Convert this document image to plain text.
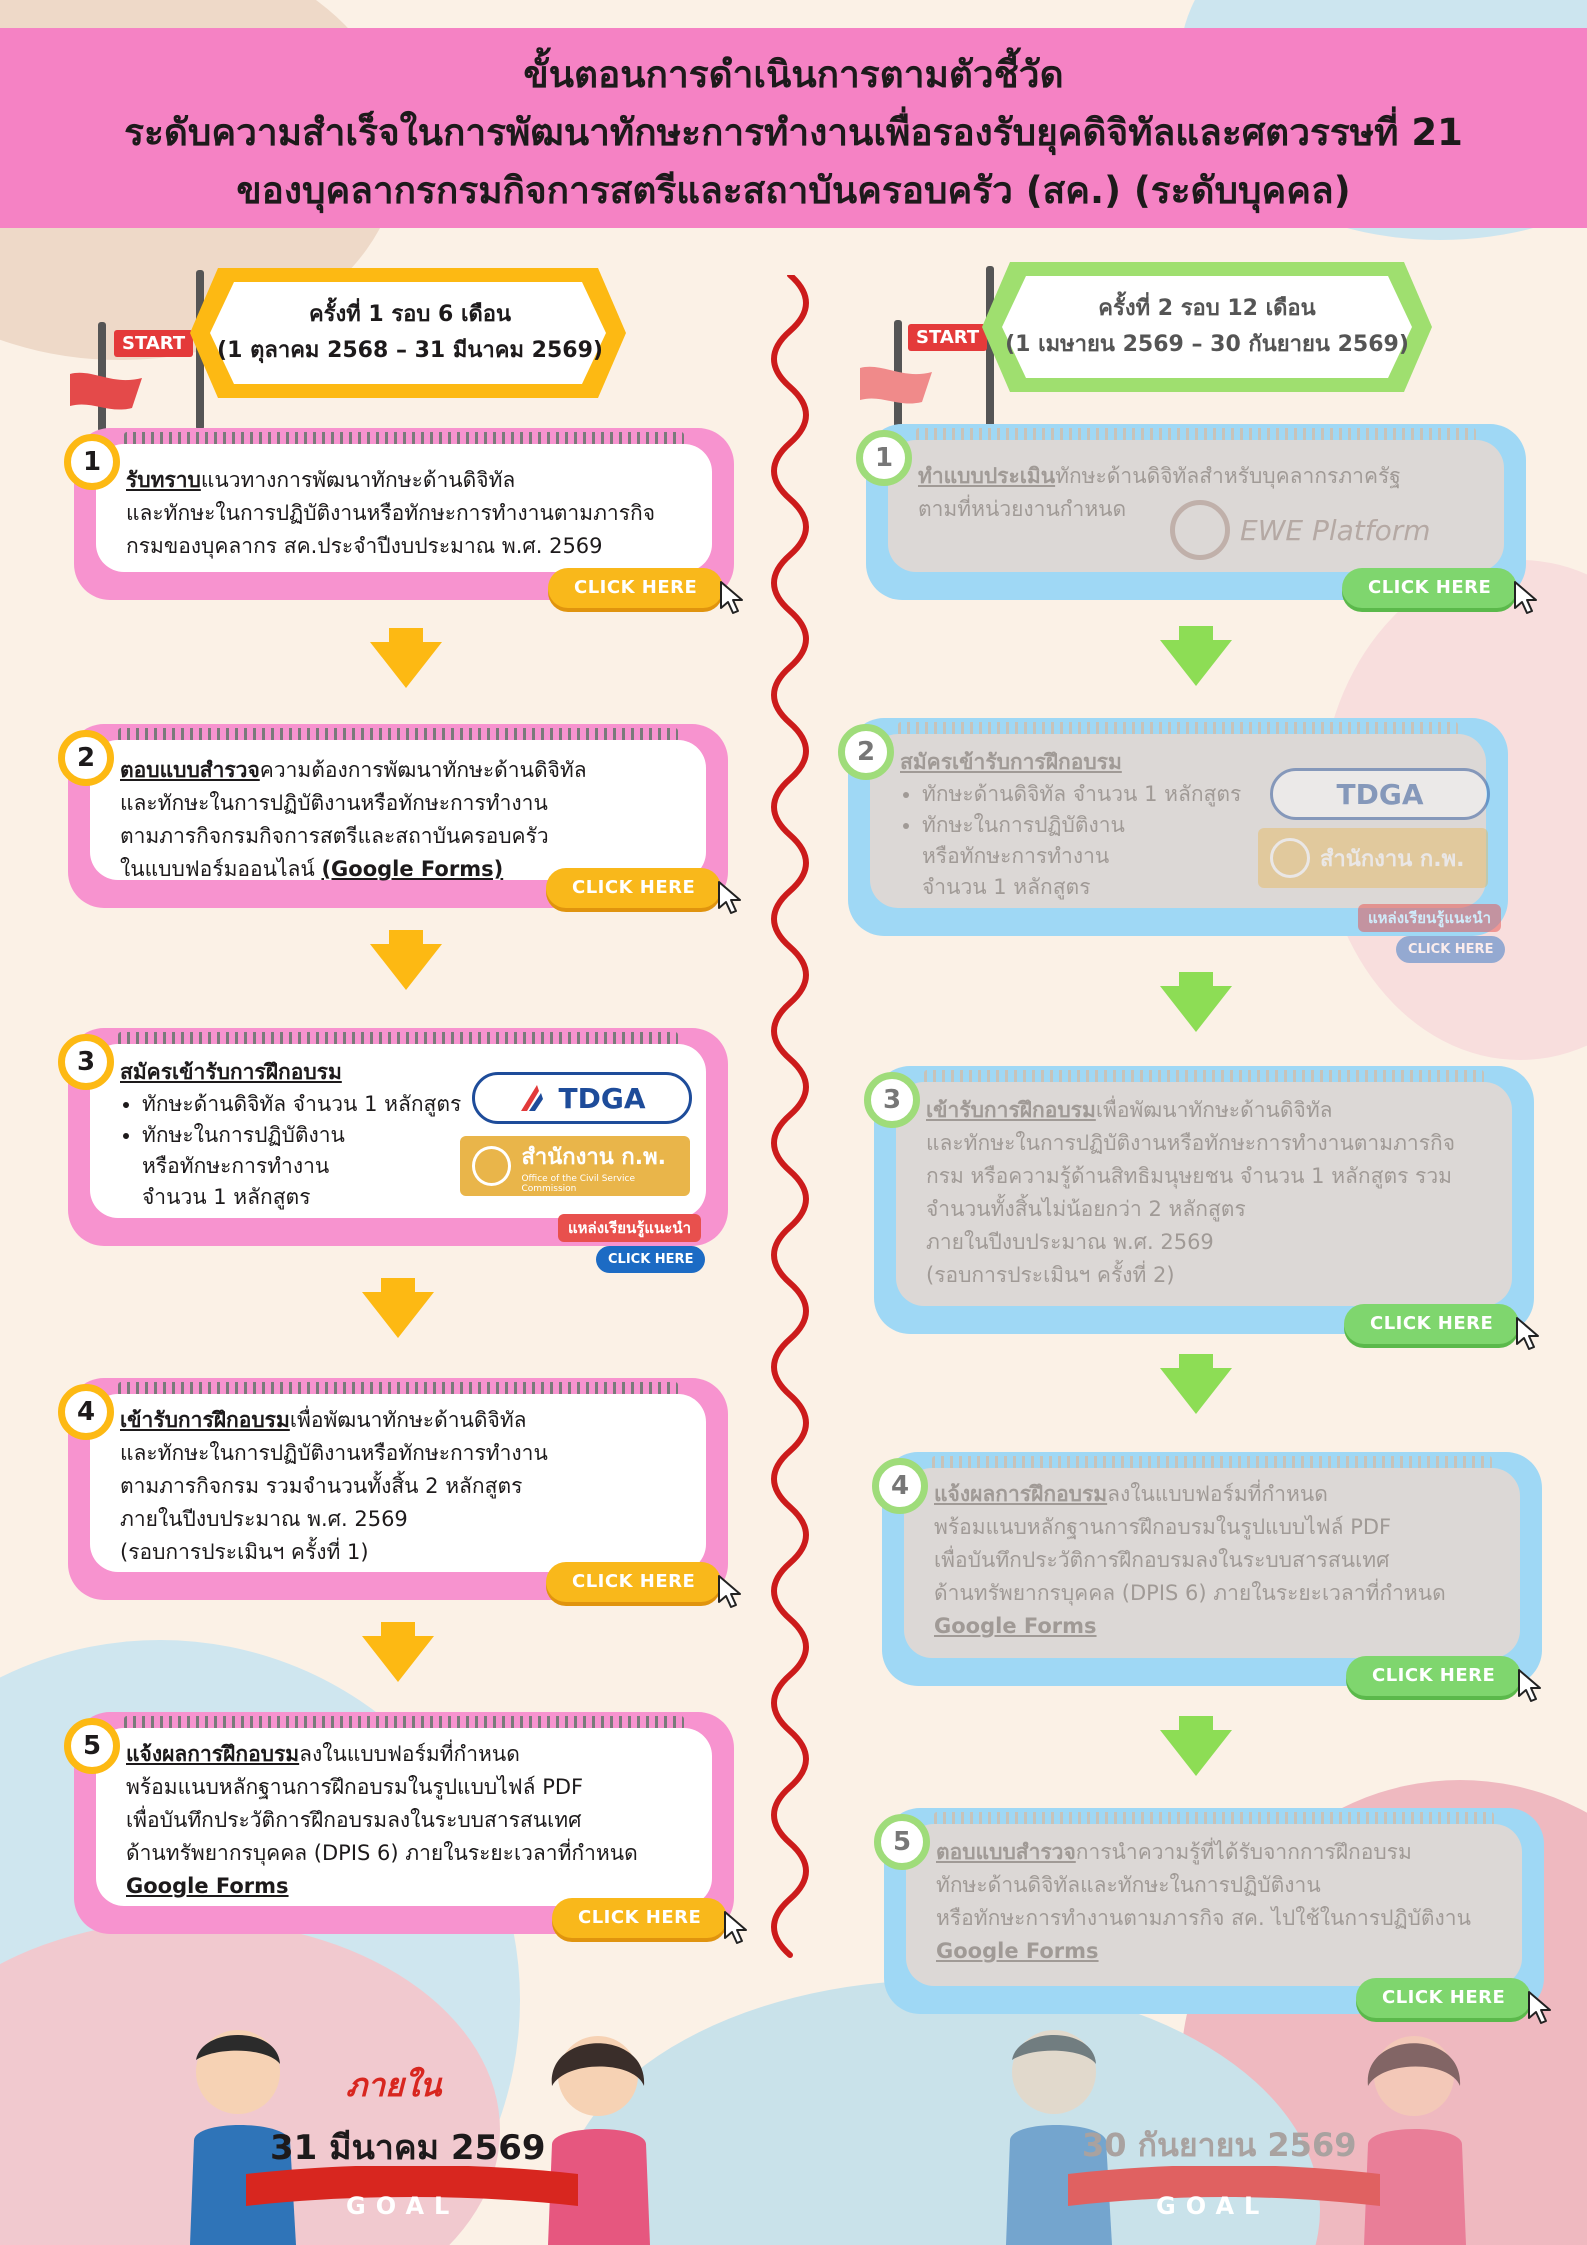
ขั้นตอนการดำเนินการตามตัวชี้วัด
ระดับความสำเร็จในการพัฒนาทักษะการทำงานเพื่อรองรับยุคดิจิทัลและศตวรรษที่ 21
ของบุคลากรกรมกิจการสตรีและสถาบันครอบครัว (สค.) (ระดับบุคคล)
START
ครั้งที่ 1 รอบ 6 เดือน
(1 ตุลาคม 2568 – 31 มีนาคม 2569)
START
ครั้งที่ 2 รอบ 12 เดือน
(1 เมษายน 2569 – 30 กันยายน 2569)

รับทราบแนวทางการพัฒนาทักษะด้านดิจิทัล

และทักษะในการปฏิบัติงานหรือทักษะการทำงานตามภารกิจ

กรมของบุคลากร สค.ประจำปีงบประมาณ พ.ศ. 2569

1
CLICK HERE

ตอบแบบสำรวจความต้องการพัฒนาทักษะด้านดิจิทัล

และทักษะในการปฏิบัติงานหรือทักษะการทำงาน

ตามภารกิจกรมกิจการสตรีและสถาบันครอบครัว

ในแบบฟอร์มออนไลน์ (Google Forms)

2
CLICK HERE

สมัครเข้ารับการฝึกอบรม

• ทักษะด้านดิจิทัล จำนวน 1 หลักสูตร
• ทักษะในการปฏิบัติงาน
หรือทักษะการทำงาน
จำนวน 1 หลักสูตร
3
TDGA
สำนักงาน ก.พ.
Office of the Civil Service Commission
แหล่งเรียนรู้แนะนำ
CLICK HERE

เข้ารับการฝึกอบรมเพื่อพัฒนาทักษะด้านดิจิทัล

และทักษะในการปฏิบัติงานหรือทักษะการทำงาน

ตามภารกิจกรม รวมจำนวนทั้งสิ้น 2 หลักสูตร

ภายในปีงบประมาณ พ.ศ. 2569

(รอบการประเมินฯ ครั้งที่ 1)

4
CLICK HERE

แจ้งผลการฝึกอบรมลงในแบบฟอร์มที่กำหนด

พร้อมแนบหลักฐานการฝึกอบรมในรูปแบบไฟล์ PDF

เพื่อบันทึกประวัติการฝึกอบรมลงในระบบสารสนเทศ

ด้านทรัพยากรบุคคล (DPIS 6) ภายในระยะเวลาที่กำหนด

Google Forms

5
CLICK HERE

ทำแบบประเมินทักษะด้านดิจิทัลสำหรับบุคลากรภาครัฐ

ตามที่หน่วยงานกำหนด

1
EWE Platform
CLICK HERE

สมัครเข้ารับการฝึกอบรม

• ทักษะด้านดิจิทัล จำนวน 1 หลักสูตร
• ทักษะในการปฏิบัติงาน
หรือทักษะการทำงาน
จำนวน 1 หลักสูตร
2
TDGA
สำนักงาน ก.พ.
แหล่งเรียนรู้แนะนำ
CLICK HERE

เข้ารับการฝึกอบรมเพื่อพัฒนาทักษะด้านดิจิทัล

และทักษะในการปฏิบัติงานหรือทักษะการทำงานตามภารกิจ

กรม หรือความรู้ด้านสิทธิมนุษยชน จำนวน 1 หลักสูตร รวม

จำนวนทั้งสิ้นไม่น้อยกว่า 2 หลักสูตร

ภายในปีงบประมาณ พ.ศ. 2569

(รอบการประเมินฯ ครั้งที่ 2)

3
CLICK HERE

แจ้งผลการฝึกอบรมลงในแบบฟอร์มที่กำหนด

พร้อมแนบหลักฐานการฝึกอบรมในรูปแบบไฟล์ PDF

เพื่อบันทึกประวัติการฝึกอบรมลงในระบบสารสนเทศ

ด้านทรัพยากรบุคคล (DPIS 6) ภายในระยะเวลาที่กำหนด

Google Forms

4
CLICK HERE

ตอบแบบสำรวจการนำความรู้ที่ได้รับจากการฝึกอบรม

ทักษะด้านดิจิทัลและทักษะในการปฏิบัติงาน

หรือทักษะการทำงานตามภารกิจ สค. ไปใช้ในการปฏิบัติงาน

Google Forms

5
CLICK HERE
GOAL
ภายใน
31 มีนาคม 2569
GOAL
30 กันยายน 2569
